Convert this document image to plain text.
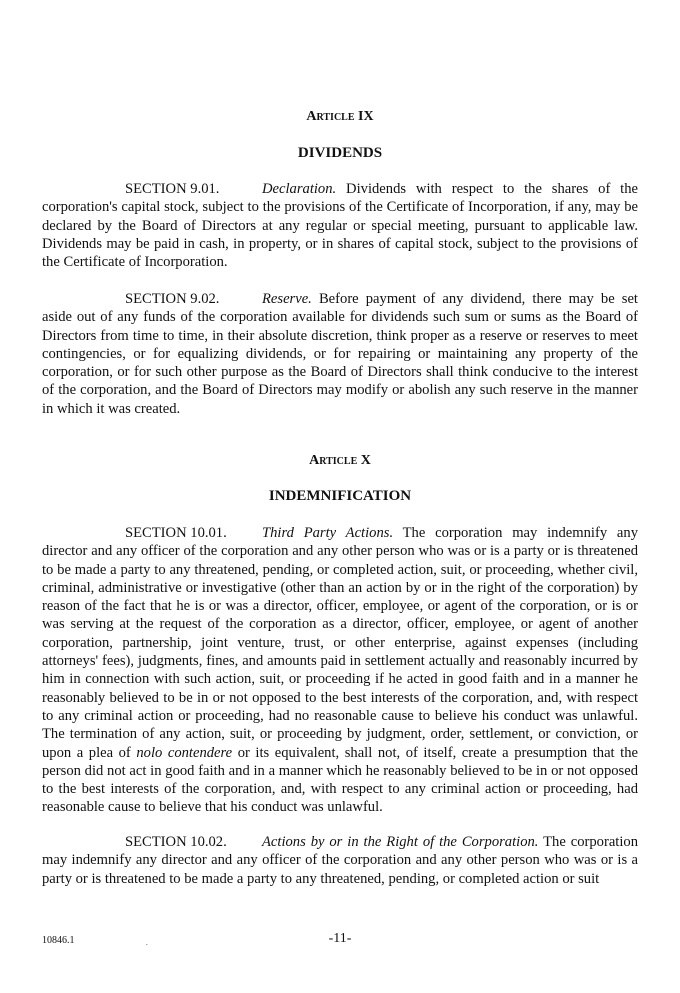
Article IX
DIVIDENDS

SECTION 9.01.	Declaration. Dividends with respect to the shares of the corporation's capital stock, subject to the provisions of the Certificate of Incorporation, if any, may be declared by the Board of Directors at any regular or special meeting, pursuant to applicable law. Dividends may be paid in cash, in property, or in shares of capital stock, subject to the provisions of the Certificate of Incorporation.

SECTION 9.02.	Reserve. Before payment of any dividend, there may be set aside out of any funds of the corporation available for dividends such sum or sums as the Board of Directors from time to time, in their absolute discretion, think proper as a reserve or reserves to meet contingencies, or for equalizing dividends, or for repairing or maintaining any property of the corporation, or for such other purpose as the Board of Directors shall think conducive to the interest of the corporation, and the Board of Directors may modify or abolish any such reserve in the manner in which it was created.

Article X
INDEMNIFICATION

SECTION 10.01. Third Party Actions. The corporation may indemnify any director and any officer of the corporation and any other person who was or is a party or is threatened to be made a party to any threatened, pending, or completed action, suit, or proceeding, whether civil, criminal, administrative or investigative (other than an action by or in the right of the corporation) by reason of the fact that he is or was a director, officer, employee, or agent of the corporation, or is or was serving at the request of the corporation as a director, officer, employee, or agent of another corporation, partnership, joint venture, trust, or other enterprise, against expenses (including attorneys' fees), judgments, fines, and amounts paid in settlement actually and reasonably incurred by him in connection with such action, suit, or proceeding if he acted in good faith and in a manner he reasonably believed to be in or not opposed to the best interests of the corporation, and, with respect to any criminal action or proceeding, had no reasonable cause to believe his conduct was unlawful. The termination of any action, suit, or proceeding by judgment, order, settlement, or conviction, or upon a plea of nolo contendere or its equivalent, shall not, of itself, create a presumption that the person did not act in good faith and in a manner which he reasonably believed to be in or not opposed to the best interests of the corporation, and, with respect to any criminal action or proceeding, had reasonable cause to believe that his conduct was unlawful.

SECTION 10.02. Actions by or in the Right of the Corporation. The corporation may indemnify any director and any officer of the corporation and any other person who was or is a party or is threatened to be made a party to any threatened, pending, or completed action or suit

10846.1	.	-11-
